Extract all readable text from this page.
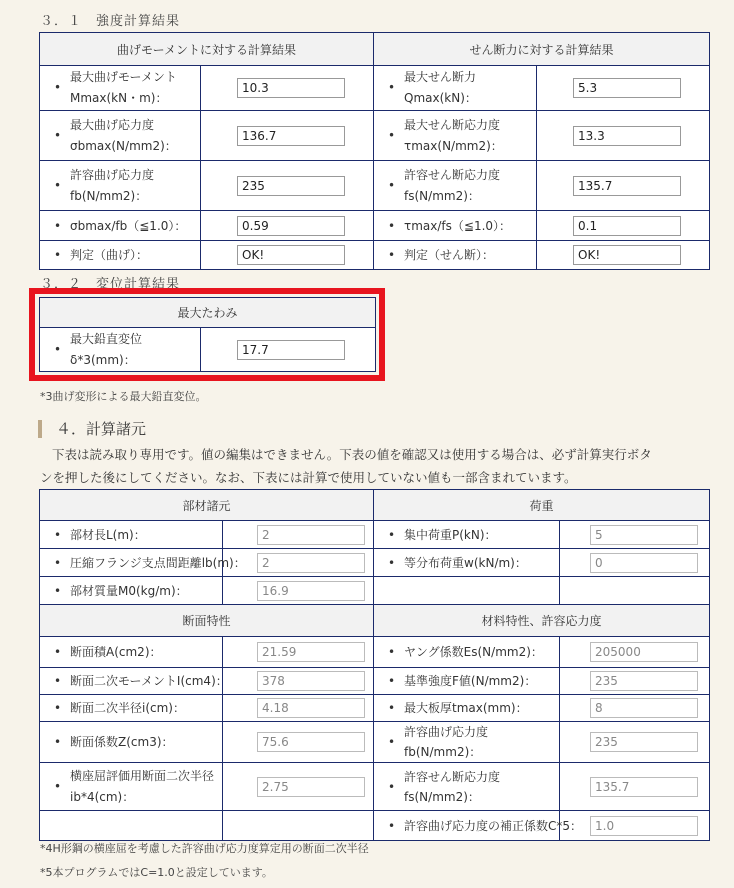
３．１　強度計算結果
曲げモーメントに対する計算結果		せん断力に対する計算結果	
• 最大曲げモーメント
Mmax(kN・m)：	10.3	• 最大せん断力
Qmax(kN)：	5.3
• 最大曲げ応力度
σbmax(N/mm2)：	136.7	• 最大せん断応力度
τmax(N/mm2)：	13.3
• 許容曲げ応力度
fb(N/mm2)：	235	• 許容せん断応力度
fs(N/mm2)：	135.7
• σbmax/fb（≦1.0）：	0.59	• τmax/fs（≦1.0）：	0.1
• 判定（曲げ）：	OK!	• 判定（せん断）：	OK!
３．２　変位計算結果
最大たわみ
• 最大鉛直変位
δ*3(mm)：	17.7
*3曲げ変形による最大鉛直変位。
４．計算諸元
下表は読み取り専用です。値の編集はできません。下表の値を確認又は使用する場合は、必ず計算実行ボタ
ンを押した後にしてください。なお、下表には計算で使用していない値も一部含まれています。
部材諸元		荷重	
• 部材長L(m)：	2	• 集中荷重P(kN)：	5
• 圧縮フランジ支点間距離lb(m)：	2	• 等分布荷重w(kN/m)：	0
• 部材質量M0(kg/m)：	16.9		
断面特性		材料特性、許容応力度	
• 断面積A(cm2)：	21.59	• ヤング係数Es(N/mm2)：	205000
• 断面二次モーメントI(cm4)：	378	• 基準強度F値(N/mm2)：	235
• 断面二次半径i(cm)：	4.18	• 最大板厚tmax(mm)：	8
• 断面係数Z(cm3)：	75.6	• 許容曲げ応力度fb(N/mm2)：	235
• 横座屈評価用断面二次半径
ib*4(cm)：	2.75	• 許容せん断応力度fs(N/mm2)：	135.7
		• 許容曲げ応力度の補正係数C*5：	1.0
*4H形鋼の横座屈を考慮した許容曲げ応力度算定用の断面二次半径
*5本プログラムではC=1.0と設定しています。
